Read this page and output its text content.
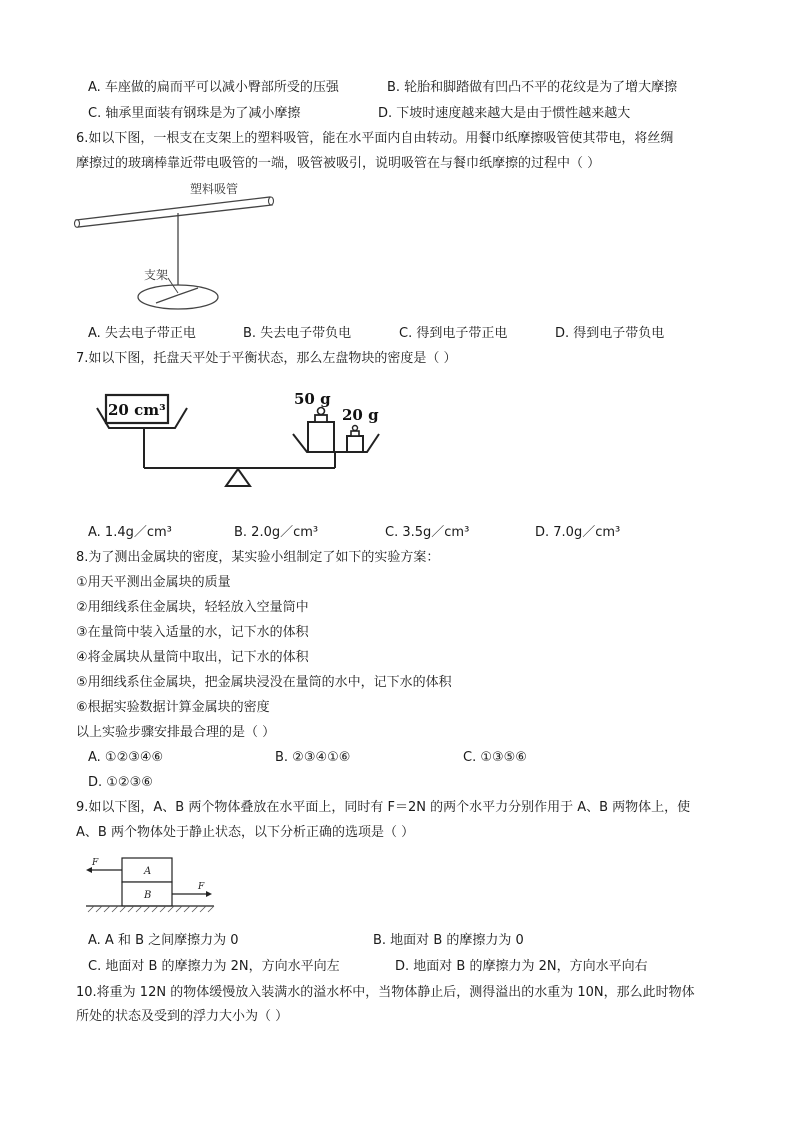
A. 车座做的扁而平可以减小臀部所受的压强	B. 轮胎和脚踏做有凹凸不平的花纹是为了增大摩擦
C. 轴承里面装有钢珠是为了减小摩擦	D. 下坡时速度越来越大是由于惯性越来越大
6.如以下图，一根支在支架上的塑料吸管，能在水平面内自由转动。用餐巾纸摩擦吸管使其带电，将丝绸
摩擦过的玻璃棒靠近带电吸管的一端，吸管被吸引，说明吸管在与餐巾纸摩擦的过程中（ ）
塑料吸管
支架
A. 失去电子带正电	B. 失去电子带负电	C. 得到电子带正电	D. 得到电子带负电
7.如以下图，托盘天平处于平衡状态，那么左盘物块的密度是（ ）
20 cm³
50 g
20 g
A. 1.4g／cm³	B. 2.0g／cm³	C. 3.5g／cm³	D. 7.0g／cm³
8.为了测出金属块的密度，某实验小组制定了如下的实验方案：
①用天平测出金属块的质量
②用细线系住金属块，轻轻放入空量筒中
③在量筒中装入适量的水，记下水的体积
④将金属块从量筒中取出，记下水的体积
⑤用细线系住金属块，把金属块浸没在量筒的水中，记下水的体积
⑥根据实验数据计算金属块的密度
以上实验步骤安排最合理的是（ ）
A. ①②③④⑥	B. ②③④①⑥	C. ①③⑤⑥
D. ①②③⑥
9.如以下图，A、B 两个物体叠放在水平面上，同时有 F＝2N 的两个水平力分别作用于 A、B 两物体上，使
A、B 两个物体处于静止状态，以下分析正确的选项是（ ）
A
B
F
F
A. A 和 B 之间摩擦力为 0	B. 地面对 B 的摩擦力为 0
C. 地面对 B 的摩擦力为 2N，方向水平向左	D. 地面对 B 的摩擦力为 2N，方向水平向右
10.将重为 12N 的物体缓慢放入装满水的溢水杯中，当物体静止后，测得溢出的水重为 10N，那么此时物体
所处的状态及受到的浮力大小为（ ）
